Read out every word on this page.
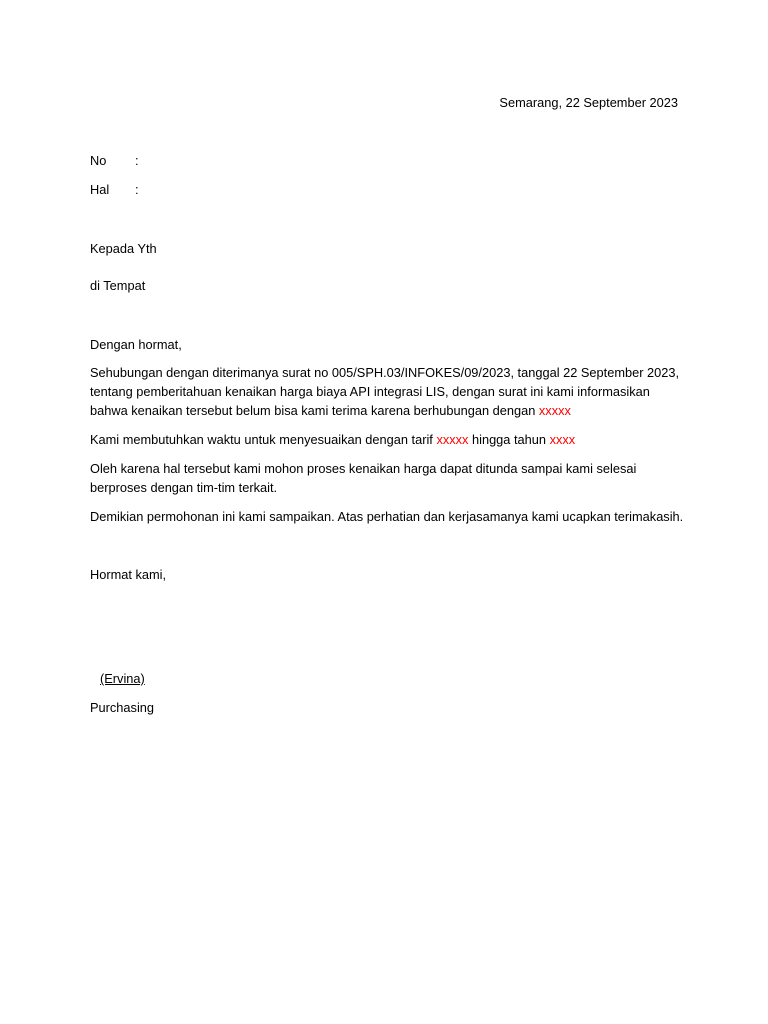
Semarang, 22 September 2023
No :
Hal :
Kepada Yth
di Tempat
Dengan hormat,
Sehubungan dengan diterimanya surat no 005/SPH.03/INFOKES/09/2023, tanggal 22 September 2023,
tentang pemberitahuan kenaikan harga biaya API integrasi LIS, dengan surat ini kami informasikan
bahwa kenaikan tersebut belum bisa kami terima karena berhubungan dengan xxxxx
Kami membutuhkan waktu untuk menyesuaikan dengan tarif xxxxx hingga tahun xxxx
Oleh karena hal tersebut kami mohon proses kenaikan harga dapat ditunda sampai kami selesai
berproses dengan tim-tim terkait.
Demikian permohonan ini kami sampaikan. Atas perhatian dan kerjasamanya kami ucapkan terimakasih.
Hormat kami,
(Ervina)
Purchasing
